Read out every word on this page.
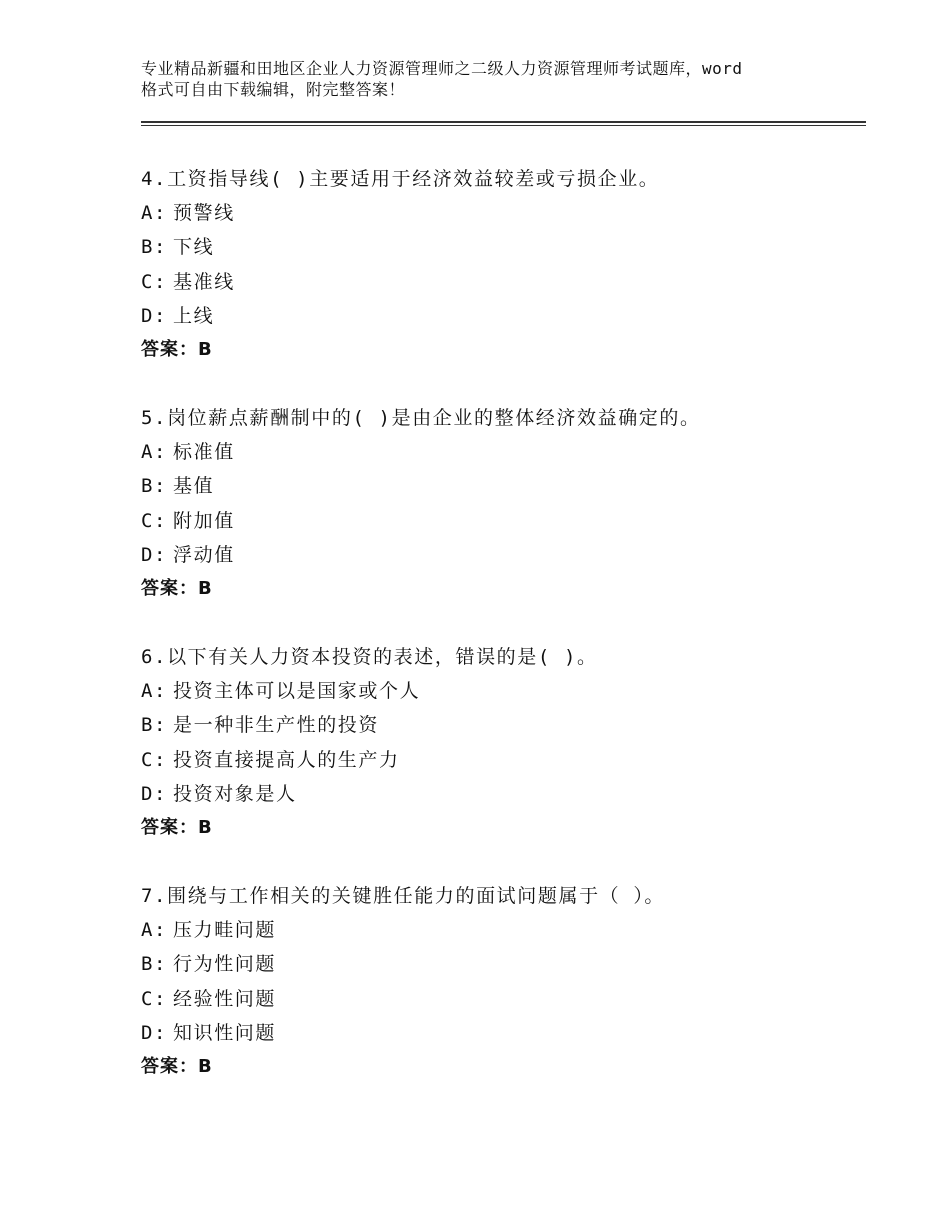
专业精品新疆和田地区企业人力资源管理师之二级人力资源管理师考试题库，word
格式可自由下载编辑，附完整答案！
4.工资指导线( )主要适用于经济效益较差或亏损企业。
A: 预警线
B: 下线
C: 基准线
D: 上线
答案：B
5.岗位薪点薪酬制中的( )是由企业的整体经济效益确定的。
A: 标准值
B: 基值
C: 附加值
D: 浮动值
答案：B
6.以下有关人力资本投资的表述，错误的是( )。
A: 投资主体可以是国家或个人
B: 是一种非生产性的投资
C: 投资直接提高人的生产力
D: 投资对象是人
答案：B
7.围绕与工作相关的关键胜任能力的面试问题属于（ ）。
A: 压力畦问题
B: 行为性问题
C: 经验性问题
D: 知识性问题
答案：B
